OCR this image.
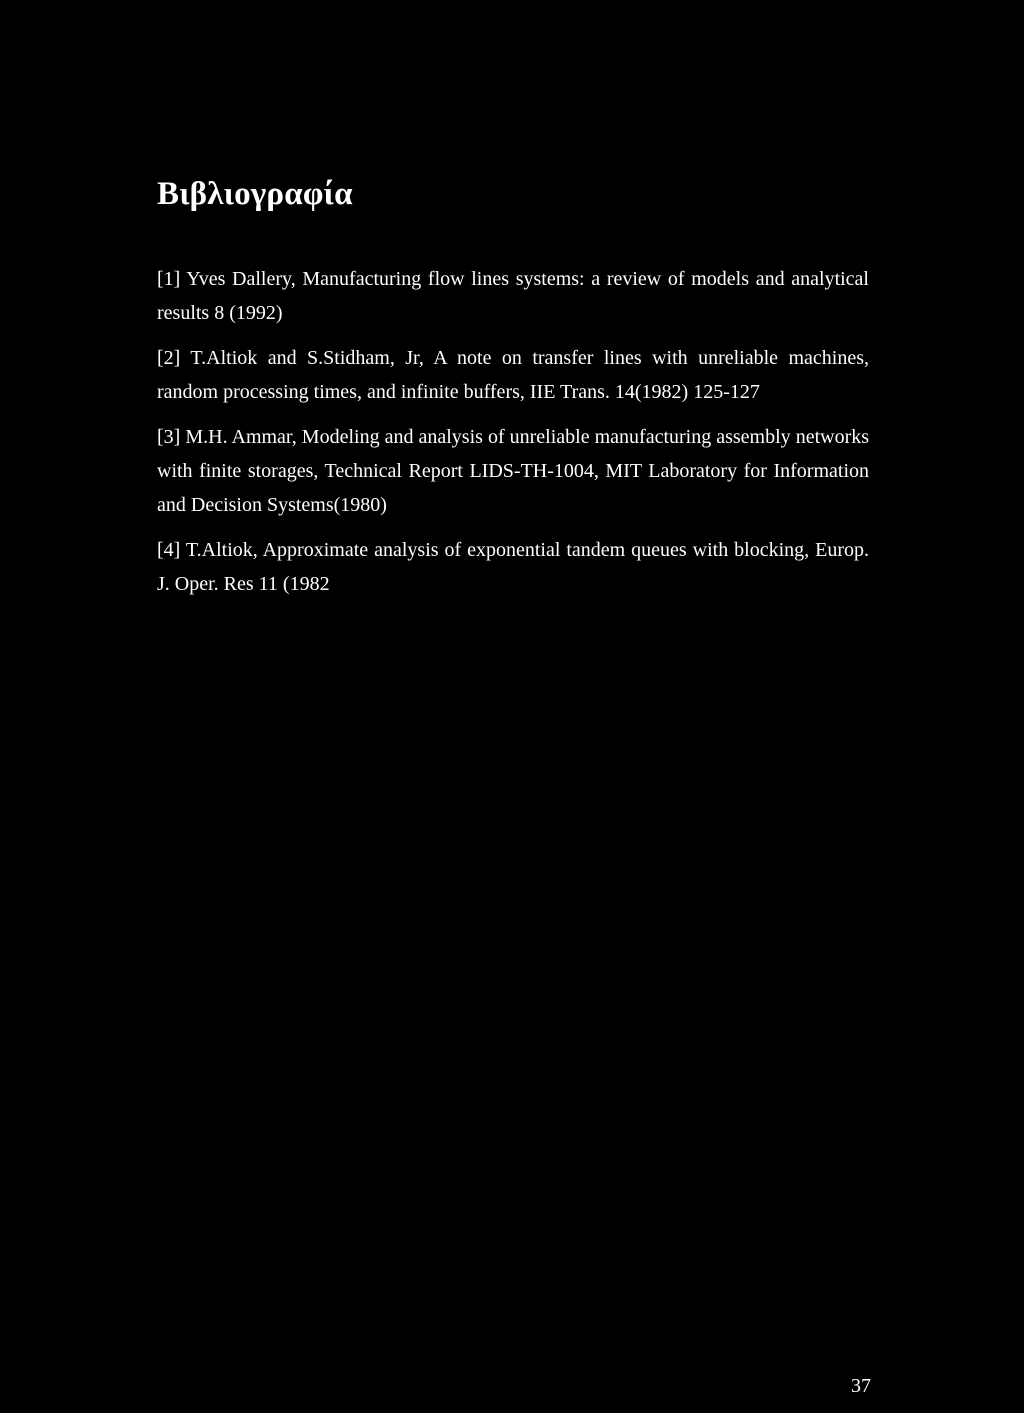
Βιβλιογραφία
[1] Yves Dallery, Manufacturing flow lines systems: a review of models and analytical results 8 (1992)
[2] T.Altiok and S.Stidham, Jr, A note on transfer lines with unreliable machines, random processing times, and infinite buffers, IIE Trans. 14(1982) 125-127
[3] M.H. Ammar, Modeling and analysis of unreliable manufacturing assembly networks with finite storages, Technical Report LIDS-TH-1004, MIT Laboratory for Information and Decision Systems(1980)
[4] T.Altiok, Approximate analysis of exponential tandem queues with blocking, Europ. J. Oper. Res 11 (1982
37
